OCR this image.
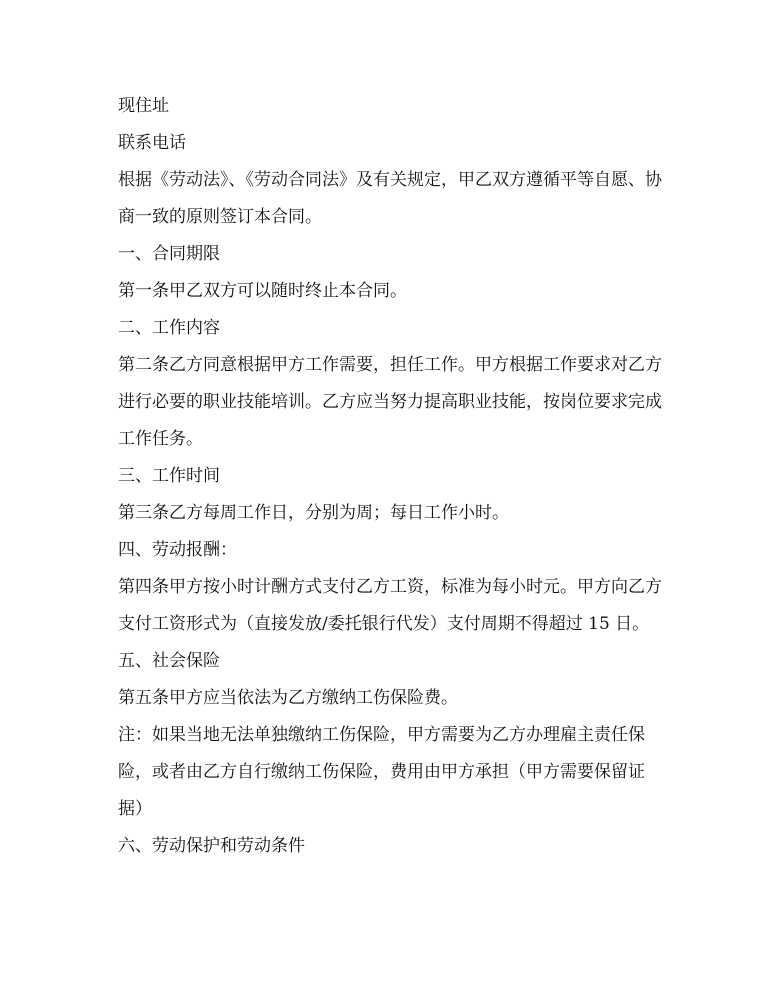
现住址

联系电话

根据《劳动法》、《劳动合同法》及有关规定，甲乙双方遵循平等自愿、协商一致的原则签订本合同。

一、合同期限

第一条甲乙双方可以随时终止本合同。

二、工作内容

第二条乙方同意根据甲方工作需要，担任工作。甲方根据工作要求对乙方进行必要的职业技能培训。乙方应当努力提高职业技能，按岗位要求完成工作任务。

三、工作时间

第三条乙方每周工作日，分别为周；每日工作小时。

四、劳动报酬：

第四条甲方按小时计酬方式支付乙方工资，标准为每小时元。甲方向乙方支付工资形式为（直接发放/委托银行代发）支付周期不得超过 15 日。

五、社会保险

第五条甲方应当依法为乙方缴纳工伤保险费。

注：如果当地无法单独缴纳工伤保险，甲方需要为乙方办理雇主责任保险，或者由乙方自行缴纳工伤保险，费用由甲方承担（甲方需要保留证据）

六、劳动保护和劳动条件
